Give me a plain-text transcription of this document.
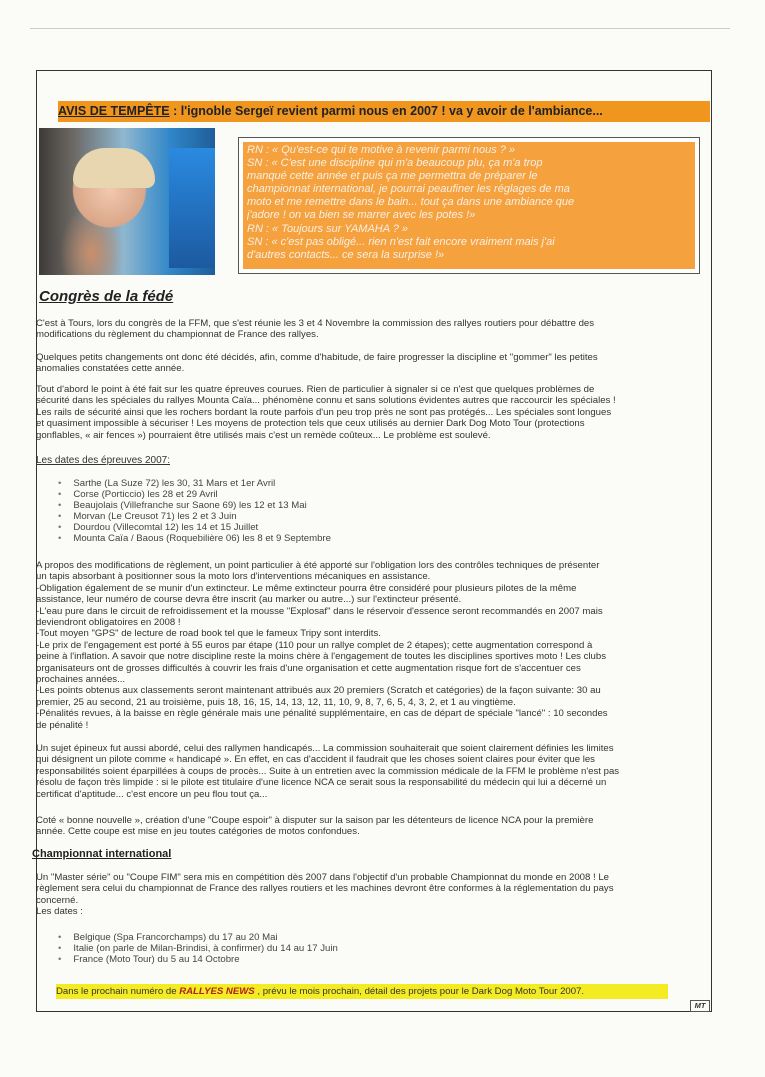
AVIS DE TEMPÊTE : l'ignoble Sergeï revient parmi nous en 2007 ! va y avoir de l'ambiance...
RN : « Qu'est-ce qui te motive à revenir parmi nous ? »
SN : « C'est une discipline qui m'a beaucoup plu, ça m'a trop
manqué cette année et puis ça me permettra de préparer le
championnat international, je pourrai peaufiner les réglages de ma
moto et me remettre dans le bain... tout ça dans une ambiance que
j'adore ! on va bien se marrer avec les potes !»
RN : « Toujours sur YAMAHA ? »
SN : « c'est pas obligé... rien n'est fait encore vraiment mais j'ai
d'autres contacts... ce sera la surprise !»
Congrès de la fédé
C'est à Tours, lors du congrès de la FFM, que s'est réunie les 3 et 4 Novembre la commission des rallyes routiers pour débattre des
modifications du règlement du championnat de France des rallyes.
Quelques petits changements ont donc été décidés, afin, comme d'habitude, de faire progresser la discipline et "gommer" les petites
anomalies constatées cette année.
Tout d'abord le point à été fait sur les quatre épreuves courues. Rien de particulier à signaler si ce n'est que quelques problèmes de
sécurité dans les spéciales du rallyes Mounta Caïa... phénomène connu et sans solutions évidentes autres que raccourcir les spéciales !
Les rails de sécurité ainsi que les rochers bordant la route parfois d'un peu trop près ne sont pas protégés... Les spéciales sont longues
et quasiment impossible à sécuriser ! Les moyens de protection tels que ceux utilisés au dernier Dark Dog Moto Tour (protections
gonflables, « air fences ») pourraient être utilisés mais c'est un remède coûteux... Le problème est soulevé.
Les dates des épreuves 2007:
• Sarthe (La Suze 72) les 30, 31 Mars et 1er Avril
• Corse (Porticcio) les 28 et 29 Avril
• Beaujolais (Villefranche sur Saone 69) les 12 et 13 Mai
• Morvan (Le Creusot 71) les 2 et 3 Juin
• Dourdou (Villecomtal 12) les 14 et 15 Juillet
• Mounta Caïa / Baous (Roquebilière 06) les 8 et 9 Septembre
A propos des modifications de règlement, un point particulier à été apporté sur l'obligation lors des contrôles techniques de présenter
un tapis absorbant à positionner sous la moto lors d'interventions mécaniques en assistance.
-Obligation également de se munir d'un extincteur. Le même extincteur pourra être considéré pour plusieurs pilotes de la même
assistance, leur numéro de course devra être inscrit (au marker ou autre...) sur l'extincteur présenté.
-L'eau pure dans le circuit de refroidissement et la mousse "Explosaf" dans le réservoir d'essence seront recommandés en 2007 mais
deviendront obligatoires en 2008 !
-Tout moyen "GPS" de lecture de road book tel que le fameux Tripy sont interdits.
-Le prix de l'engagement est porté à 55 euros par étape (110 pour un rallye complet de 2 étapes); cette augmentation correspond à
peine à l'inflation. A savoir que notre discipline reste la moins chère à l'engagement de toutes les disciplines sportives moto ! Les clubs
organisateurs ont de grosses difficultés à couvrir les frais d'une organisation et cette augmentation risque fort de s'accentuer ces
prochaines années...
-Les points obtenus aux classements seront maintenant attribués aux 20 premiers (Scratch et catégories) de la façon suivante: 30 au
premier, 25 au second, 21 au troisième, puis 18, 16, 15, 14, 13, 12, 11, 10, 9, 8, 7, 6, 5, 4, 3, 2, et 1 au vingtième.
-Pénalités revues, à la baisse en règle générale mais une pénalité supplémentaire, en cas de départ de spéciale "lancé" : 10 secondes
de pénalité !
Un sujet épineux fut aussi abordé, celui des rallymen handicapés... La commission souhaiterait que soient clairement définies les limites
qui désignent un pilote comme « handicapé ». En effet, en cas d'accident il faudrait que les choses soient claires pour éviter que les
responsabilités soient éparpillées à coups de procès... Suite à un entretien avec la commission médicale de la FFM le problème n'est pas
résolu de façon très limpide : si le pilote est titulaire d'une licence NCA ce serait sous la responsabilité du médecin qui lui a décerné un
certificat d'aptitude... c'est encore un peu flou tout ça...
Coté « bonne nouvelle », création d'une "Coupe espoir" à disputer sur la saison par les détenteurs de licence NCA pour la première
année. Cette coupe est mise en jeu toutes catégories de motos confondues.
Championnat international
Un "Master série" ou "Coupe FIM" sera mis en compétition dès 2007 dans l'objectif d'un probable Championnat du monde en 2008 ! Le
règlement sera celui du championnat de France des rallyes routiers et les machines devront être conformes à la réglementation du pays
concerné.
Les dates :
• Belgique (Spa Francorchamps) du 17 au 20 Mai
• Italie (on parle de Milan-Brindisi, à confirmer) du 14 au 17 Juin
• France (Moto Tour) du 5 au 14 Octobre
Dans le prochain numéro de RALLYES NEWS , prévu le mois prochain, détail des projets pour le Dark Dog Moto Tour 2007.
MT
